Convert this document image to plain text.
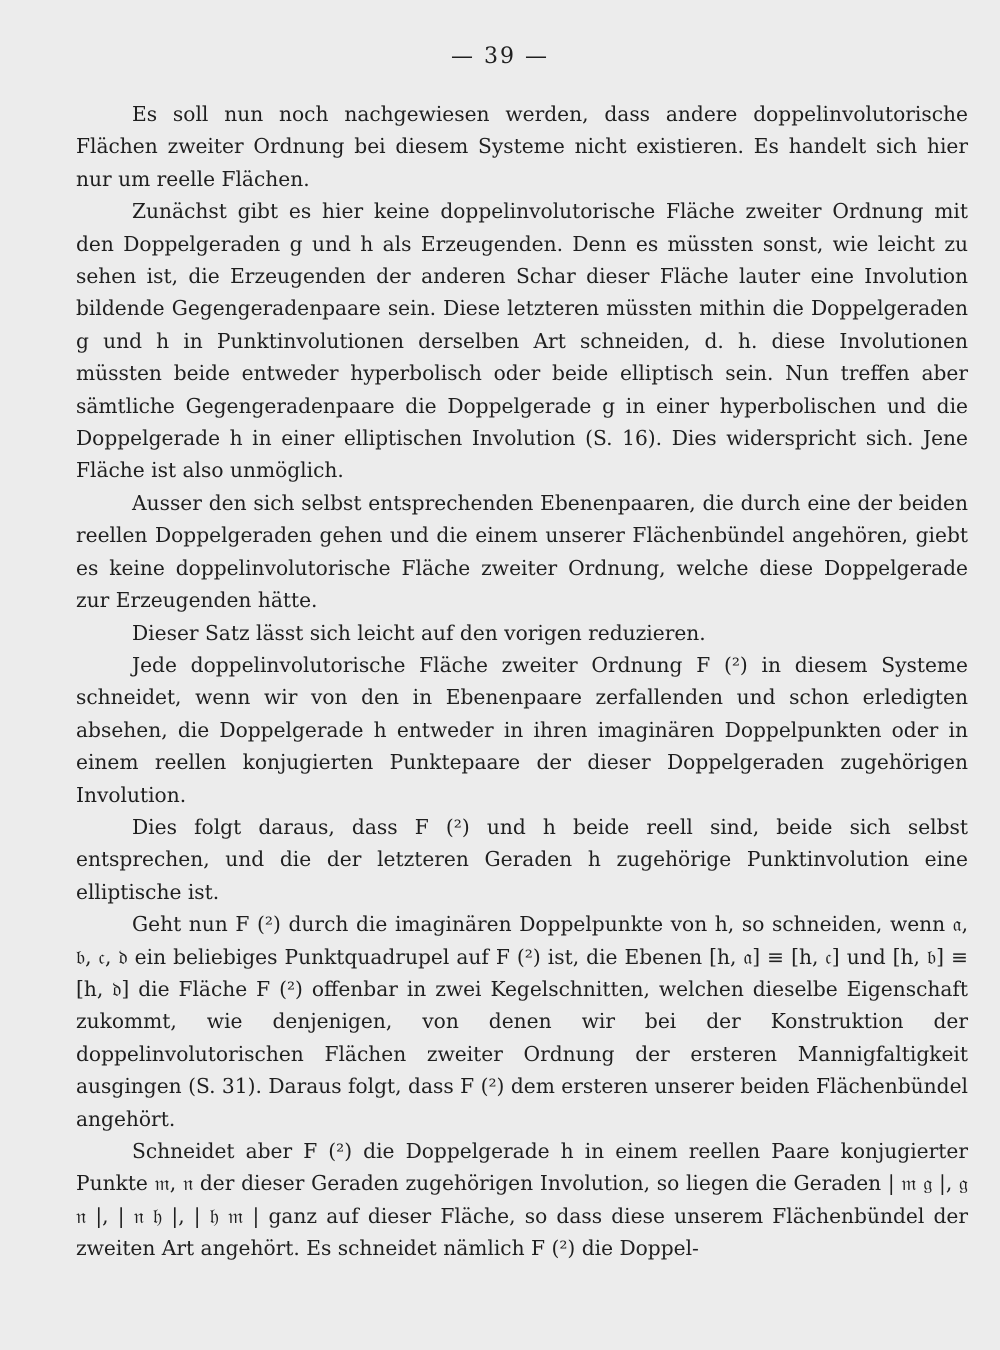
— 39 —

Es soll nun noch nachgewiesen werden, dass andere doppelinvolutorische Flächen zweiter Ordnung bei diesem Systeme nicht existieren. Es handelt sich hier nur um reelle Flächen.

Zunächst gibt es hier keine doppelinvolutorische Fläche zweiter Ordnung mit den Doppelgeraden g und h als Erzeugenden. Denn es müssten sonst, wie leicht zu sehen ist, die Erzeugenden der anderen Schar dieser Fläche lauter eine Involution bildende Gegengeradenpaare sein. Diese letzteren müssten mithin die Doppelgeraden g und h in Punktinvolutionen derselben Art schneiden, d. h. diese Involutionen müssten beide entweder hyperbolisch oder beide elliptisch sein. Nun treffen aber sämtliche Gegengeradenpaare die Doppelgerade g in einer hyperbolischen und die Doppelgerade h in einer elliptischen Involution (S. 16). Dies widerspricht sich. Jene Fläche ist also unmöglich.

Ausser den sich selbst entsprechenden Ebenenpaaren, die durch eine der beiden reellen Doppelgeraden gehen und die einem unserer Flächenbündel angehören, giebt es keine doppelinvolutorische Fläche zweiter Ordnung, welche diese Doppelgerade zur Erzeugenden hätte.

Dieser Satz lässt sich leicht auf den vorigen reduzieren.

Jede doppelinvolutorische Fläche zweiter Ordnung F (²) in diesem Systeme schneidet, wenn wir von den in Ebenenpaare zerfallenden und schon erledigten absehen, die Doppelgerade h entweder in ihren imaginären Doppelpunkten oder in einem reellen konjugierten Punktepaare der dieser Doppelgeraden zugehörigen Involution.

Dies folgt daraus, dass F (²) und h beide reell sind, beide sich selbst entsprechen, und die der letzteren Geraden h zugehörige Punktinvolution eine elliptische ist.

Geht nun F (²) durch die imaginären Doppelpunkte von h, so schneiden, wenn 𝔞, 𝔟, 𝔠, 𝔡 ein beliebiges Punktquadrupel auf F (²) ist, die Ebenen [h, 𝔞] ≡ [h, 𝔠] und [h, 𝔟] ≡ [h, 𝔡] die Fläche F (²) offenbar in zwei Kegelschnitten, welchen dieselbe Eigenschaft zukommt, wie denjenigen, von denen wir bei der Konstruktion der doppelinvolutorischen Flächen zweiter Ordnung der ersteren Mannigfaltigkeit ausgingen (S. 31). Daraus folgt, dass F (²) dem ersteren unserer beiden Flächenbündel angehört.

Schneidet aber F (²) die Doppelgerade h in einem reellen Paare konjugierter Punkte 𝔪, 𝔫 der dieser Geraden zugehörigen Involution, so liegen die Geraden | 𝔪 𝔤 |, 𝔤 𝔫 |, | 𝔫 𝔥 |, | 𝔥 𝔪 | ganz auf dieser Fläche, so dass diese unserem Flächenbündel der zweiten Art angehört. Es schneidet nämlich F (²) die Doppel-
